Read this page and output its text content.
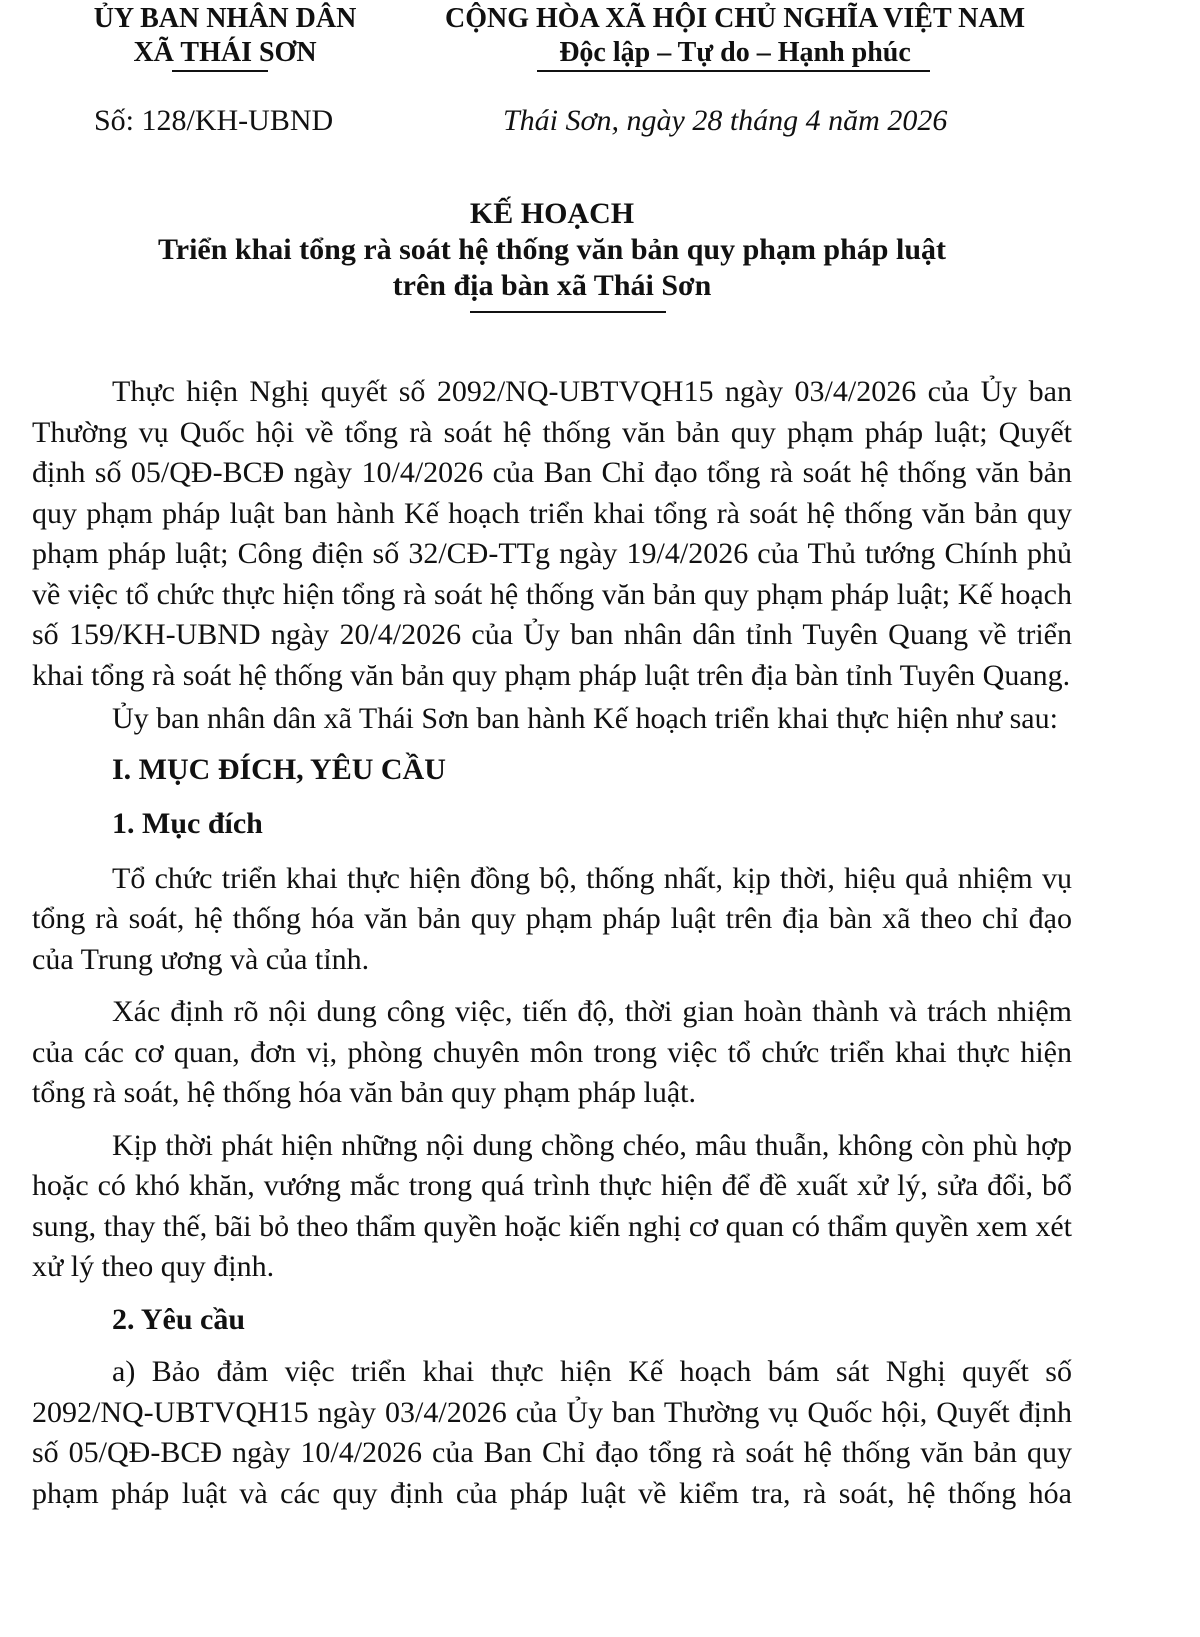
ỦY BAN NHÂN DÂN
XÃ THÁI SƠN
CỘNG HÒA XÃ HỘI CHỦ NGHĨA VIỆT NAM
Độc lập – Tự do – Hạnh phúc
Số: 128/KH-UBND	Thái Sơn, ngày 28 tháng 4 năm 2026
KẾ HOẠCH
Triển khai tổng rà soát hệ thống văn bản quy phạm pháp luật
trên địa bàn xã Thái Sơn

Thực hiện Nghị quyết số 2092/NQ-UBTVQH15 ngày 03/4/2026 của Ủy ban Thường vụ Quốc hội về tổng rà soát hệ thống văn bản quy phạm pháp luật; Quyết định số 05/QĐ-BCĐ ngày 10/4/2026 của Ban Chỉ đạo tổng rà soát hệ thống văn bản quy phạm pháp luật ban hành Kế hoạch triển khai tổng rà soát hệ thống văn bản quy phạm pháp luật; Công điện số 32/CĐ-TTg ngày 19/4/2026 của Thủ tướng Chính phủ về việc tổ chức thực hiện tổng rà soát hệ thống văn bản quy phạm pháp luật; Kế hoạch số 159/KH-UBND ngày 20/4/2026 của Ủy ban nhân dân tỉnh Tuyên Quang về triển khai tổng rà soát hệ thống văn bản quy phạm pháp luật trên địa bàn tỉnh Tuyên Quang.

Ủy ban nhân dân xã Thái Sơn ban hành Kế hoạch triển khai thực hiện như sau:

I. MỤC ĐÍCH, YÊU CẦU

1. Mục đích

Tổ chức triển khai thực hiện đồng bộ, thống nhất, kịp thời, hiệu quả nhiệm vụ tổng rà soát, hệ thống hóa văn bản quy phạm pháp luật trên địa bàn xã theo chỉ đạo của Trung ương và của tỉnh.

Xác định rõ nội dung công việc, tiến độ, thời gian hoàn thành và trách nhiệm của các cơ quan, đơn vị, phòng chuyên môn trong việc tổ chức triển khai thực hiện tổng rà soát, hệ thống hóa văn bản quy phạm pháp luật.

Kịp thời phát hiện những nội dung chồng chéo, mâu thuẫn, không còn phù hợp hoặc có khó khăn, vướng mắc trong quá trình thực hiện để đề xuất xử lý, sửa đổi, bổ sung, thay thế, bãi bỏ theo thẩm quyền hoặc kiến nghị cơ quan có thẩm quyền xem xét xử lý theo quy định.

2. Yêu cầu

a) Bảo đảm việc triển khai thực hiện Kế hoạch bám sát Nghị quyết số 2092/NQ-UBTVQH15 ngày 03/4/2026 của Ủy ban Thường vụ Quốc hội, Quyết định số 05/QĐ-BCĐ ngày 10/4/2026 của Ban Chỉ đạo tổng rà soát hệ thống văn bản quy phạm pháp luật và các quy định của pháp luật về kiểm tra, rà soát, hệ thống hóa
